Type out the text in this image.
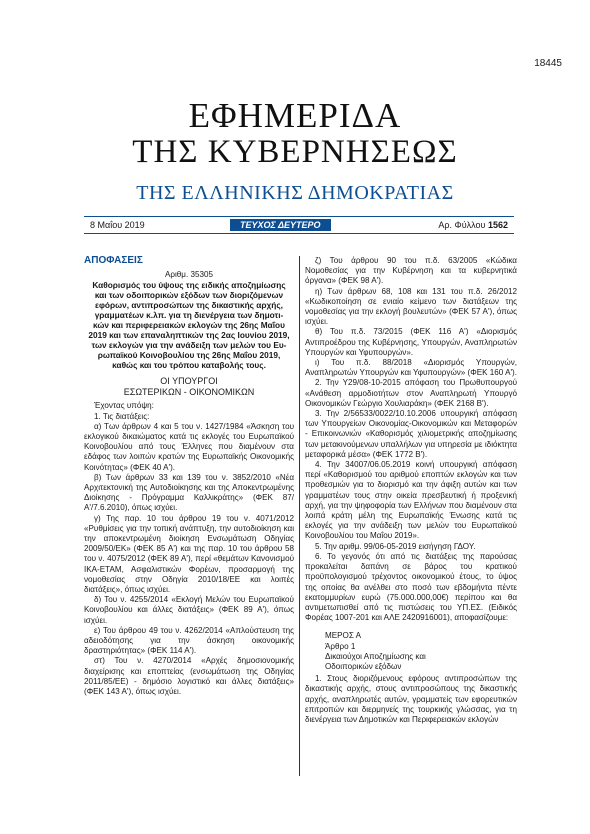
18445
ΕΦΗΜΕΡΙΔΑ
ΤΗΣ ΚΥΒΕΡΝΗΣΕΩΣ
ΤΗΣ ΕΛΛΗΝΙΚΗΣ ΔΗΜΟΚΡΑΤΙΑΣ
8 Μαΐου 2019	ΤΕΥΧΟΣ ΔΕΥΤΕΡΟ	Αρ. Φύλλου 1562

ΑΠΟΦΑΣΕΙΣ

Αριθμ. 35305

Καθορισμός του ύψους της ειδικής αποζημίωσης
και των οδοιπορικών εξόδων των διοριζόμενων
εφόρων, αντιπροσώπων της δικαστικής αρχής,
γραμματέων κ.λπ. για τη διενέργεια των δημοτι-
κών και περιφερειακών εκλογών της 26ης Μαΐου
2019 και των επαναληπτικών της 2ας Ιουνίου 2019,
των εκλογών για την ανάδειξη των μελών του Ευ-
ρωπαϊκού Κοινοβουλίου της 26ης Μαΐου 2019,
καθώς και του τρόπου καταβολής τους.

ΟΙ ΥΠΟΥΡΓΟΙ

ΕΣΩΤΕΡΙΚΩΝ - ΟΙΚΟΝΟΜΙΚΩΝ

Έχοντας υπόψη:

1. Τις διατάξεις:

α) Των άρθρων 4 και 5 του ν. 1427/1984 «Άσκηση του εκλογικού δικαιώματος κατά τις εκλογές του Ευρωπαϊκού Κοινοβουλίου από τους Έλληνες που διαμένουν στα εδάφος των λοιπών κρατών της Ευρωπαϊκής Οικονομικής Κοινότητας» (ΦΕΚ 40 Α').

β) Των άρθρων 33 και 139 του ν. 3852/2010 «Νέα Αρχιτεκτονική της Αυτοδιοίκησης και της Αποκεντρωμένης Διοίκησης - Πρόγραμμα Καλλικράτης» (ΦΕΚ 87/Α'/7.6.2010), όπως ισχύει.

γ) Της παρ. 10 του άρθρου 19 του ν. 4071/2012 «Ρυθμίσεις για την τοπική ανάπτυξη, την αυτοδιοίκηση και την αποκεντρωμένη διοίκηση Ενσωμάτωση Οδηγίας 2009/50/ΕΚ» (ΦΕΚ 85 Α') και της παρ. 10 του άρθρου 58 του ν. 4075/2012 (ΦΕΚ 89 Α'), περί «θεμάτων Κανονισμού ΙΚΑ-ΕΤΑΜ, Ασφαλιστικών Φορέων, προσαρμογή της νομοθεσίας στην Οδηγία 2010/18/ΕΕ και λοιπές διατάξεις», όπως ισχύει.

δ) Του ν. 4255/2014 «Εκλογή Μελών του Ευρωπαϊκού Κοινοβουλίου και άλλες διατάξεις» (ΦΕΚ 89 Α'), όπως ισχύει.

ε) Του άρθρου 49 του ν. 4262/2014 «Απλούστευση της αδειοδότησης για την άσκηση οικονομικής δραστηριότητας» (ΦΕΚ 114 Α').

στ) Του ν. 4270/2014 «Αρχές δημοσιονομικής διαχείρισης και εποπτείας (ενσωμάτωση της Οδηγίας 2011/85/ΕΕ) - δημόσιο λογιστικό και άλλες διατάξεις» (ΦΕΚ 143 Α'), όπως ισχύει.

ζ) Του άρθρου 90 του π.δ. 63/2005 «Κώδικα Νομοθεσίας για την Κυβέρνηση και τα κυβερνητικά όργανα» (ΦΕΚ 98 Α').

η) Των άρθρων 68, 108 και 131 του π.δ. 26/2012 «Κωδικοποίηση σε ενιαίο κείμενο των διατάξεων της νομοθεσίας για την εκλογή βουλευτών» (ΦΕΚ 57 Α'), όπως ισχύει.

θ) Του π.δ. 73/2015 (ΦΕΚ 116 Α') «Διορισμός Αντιπροέδρου της Κυβέρνησης, Υπουργών, Αναπληρωτών Υπουργών και Υφυπουργών».

ι) Του π.δ. 88/2018 «Διορισμός Υπουργών, Αναπληρωτών Υπουργών και Υφυπουργών» (ΦΕΚ 160 Α').

2. Την Υ29/08-10-2015 απόφαση του Πρωθυπουργού «Ανάθεση αρμοδιοτήτων στον Αναπληρωτή Υπουργό Οικονομικών Γεώργιο Χουλιαράκη» (ΦΕΚ 2168 Β').

3. Την 2/56533/0022/10.10.2006 υπουργική απόφαση των Υπουργείων Οικονομίας-Οικονομικών και Μεταφορών - Επικοινωνιών «Καθορισμός χιλιομετρικής αποζημίωσης των μετακινούμενων υπαλλήλων για υπηρεσία με ιδιόκτητα μεταφορικά μέσα» (ΦΕΚ 1772 Β').

4. Την 34007/06.05.2019 κοινή υπουργική απόφαση περί «Καθορισμού του αριθμού εποπτών εκλογών και των προθεσμιών για το διορισμό και την άφιξη αυτών και των γραμματέων τους στην οικεία πρεσβευτική ή προξενική αρχή, για την ψηφοφορία των Ελλήνων που διαμένουν στα λοιπά κράτη μέλη της Ευρωπαϊκής Ένωσης κατά τις εκλογές για την ανάδειξη των μελών του Ευρωπαϊκού Κοινοβουλίου του Μαΐου 2019».

5. Την αριθμ. 99/06-05-2019 εισήγηση ΓΔΟΥ.

6. Το γεγονός ότι από τις διατάξεις της παρούσας προκαλείται δαπάνη σε βάρος του κρατικού προϋπολογισμού τρέχοντος οικονομικού έτους, το ύψος της οποίας θα ανέλθει στο ποσό των εβδομήντα πέντε εκατομμυρίων ευρώ (75.000.000,00€) περίπου και θα αντιμετωπισθεί από τις πιστώσεις του ΥΠ.ΕΣ. (Ειδικός Φορέας 1007-201 και ΑΛΕ 2420916001), αποφασίζουμε:

ΜΕΡΟΣ Α
Άρθρο 1
Δικαιούχοι Αποζημίωσης και
Οδοιπορικών εξόδων

1. Στους διοριζόμενους εφόρους αντιπροσώπων της δικαστικής αρχής, στους αντιπροσώπους της δικαστικής αρχής, αναπληρωτές αυτών, γραμματείς των εφορευτικών επιτροπών και διερμηνείς της τουρκικής γλώσσας, για τη διενέργεια των Δημοτικών και Περιφερειακών εκλογών
